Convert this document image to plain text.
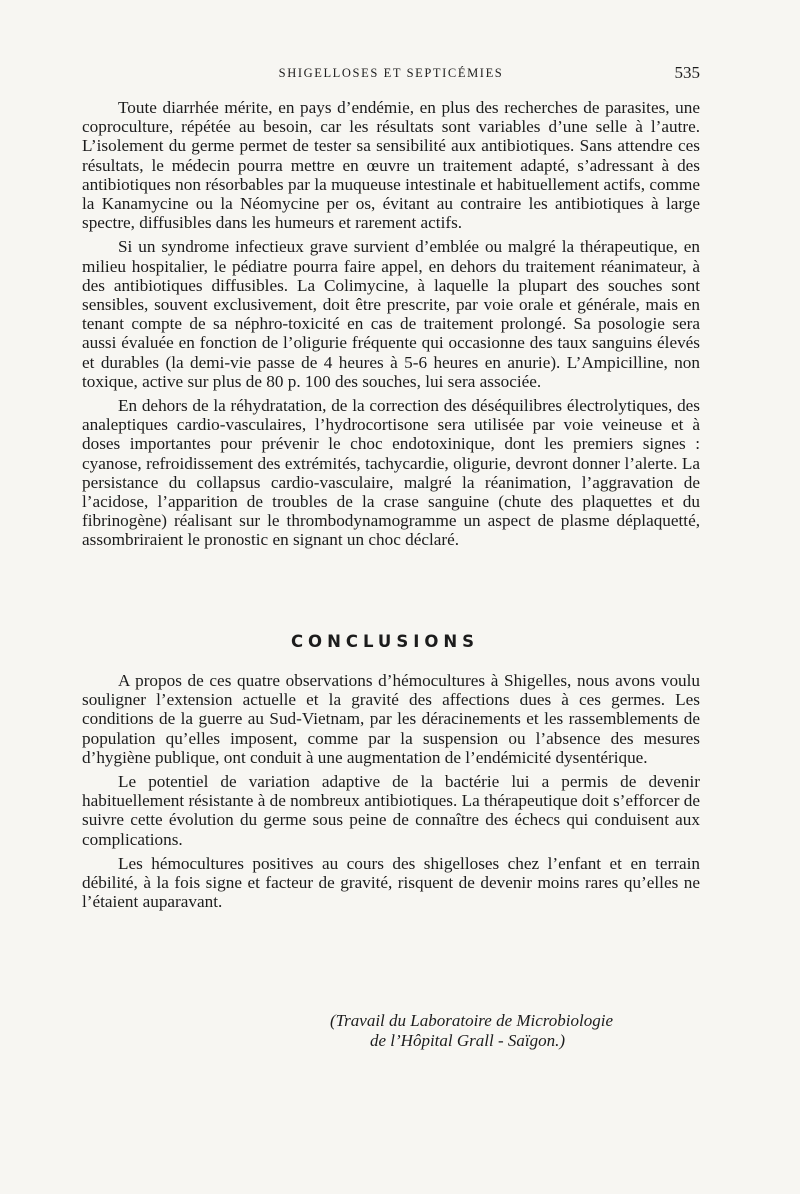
SHIGELLOSES ET SEPTICÉMIES	535

Toute diarrhée mérite, en pays d’endémie, en plus des recherches de parasites, une coproculture, répétée au besoin, car les résultats sont variables d’une selle à l’autre. L’isolement du germe permet de tester sa sensibilité aux antibiotiques. Sans attendre ces résultats, le médecin pourra mettre en œuvre un traitement adapté, s’adressant à des antibiotiques non résorbables par la muqueuse intestinale et habituellement actifs, comme la Kanamycine ou la Néomycine per os, évitant au contraire les antibiotiques à large spectre, diffusibles dans les humeurs et rarement actifs.

Si un syndrome infectieux grave survient d’emblée ou malgré la thérapeutique, en milieu hospitalier, le pédiatre pourra faire appel, en dehors du traitement réanimateur, à des antibiotiques diffusibles. La Colimycine, à laquelle la plupart des souches sont sensibles, souvent exclusivement, doit être prescrite, par voie orale et générale, mais en tenant compte de sa néphro-toxicité en cas de traitement prolongé. Sa posologie sera aussi évaluée en fonction de l’oligurie fréquente qui occasionne des taux sanguins élevés et durables (la demi-vie passe de 4 heures à 5-6 heures en anurie). L’Ampicilline, non toxique, active sur plus de 80 p. 100 des souches, lui sera associée.

En dehors de la réhydratation, de la correction des déséquilibres électrolytiques, des analeptiques cardio-vasculaires, l’hydrocortisone sera utilisée par voie veineuse et à doses importantes pour prévenir le choc endotoxinique, dont les premiers signes : cyanose, refroidissement des extrémités, tachycardie, oligurie, devront donner l’alerte. La persistance du collapsus cardio-vasculaire, malgré la réanimation, l’aggravation de l’acidose, l’apparition de troubles de la crase sanguine (chute des plaquettes et du fibrinogène) réalisant sur le thrombodynamogramme un aspect de plasme déplaquetté, assombriraient le pronostic en signant un choc déclaré.

CONCLUSIONS

A propos de ces quatre observations d’hémocultures à Shigelles, nous avons voulu souligner l’extension actuelle et la gravité des affections dues à ces germes. Les conditions de la guerre au Sud-Vietnam, par les déracinements et les rassemblements de population qu’elles imposent, comme par la suspension ou l’absence des mesures d’hygiène publique, ont conduit à une augmentation de l’endémicité dysentérique.

Le potentiel de variation adaptive de la bactérie lui a permis de devenir habituellement résistante à de nombreux antibiotiques. La thérapeutique doit s’efforcer de suivre cette évolution du germe sous peine de connaître des échecs qui conduisent aux complications.

Les hémocultures positives au cours des shigelloses chez l’enfant et en terrain débilité, à la fois signe et facteur de gravité, risquent de devenir moins rares qu’elles ne l’étaient auparavant.

(Travail du Laboratoire de Microbiologie
de l’Hôpital Grall - Saïgon.)
